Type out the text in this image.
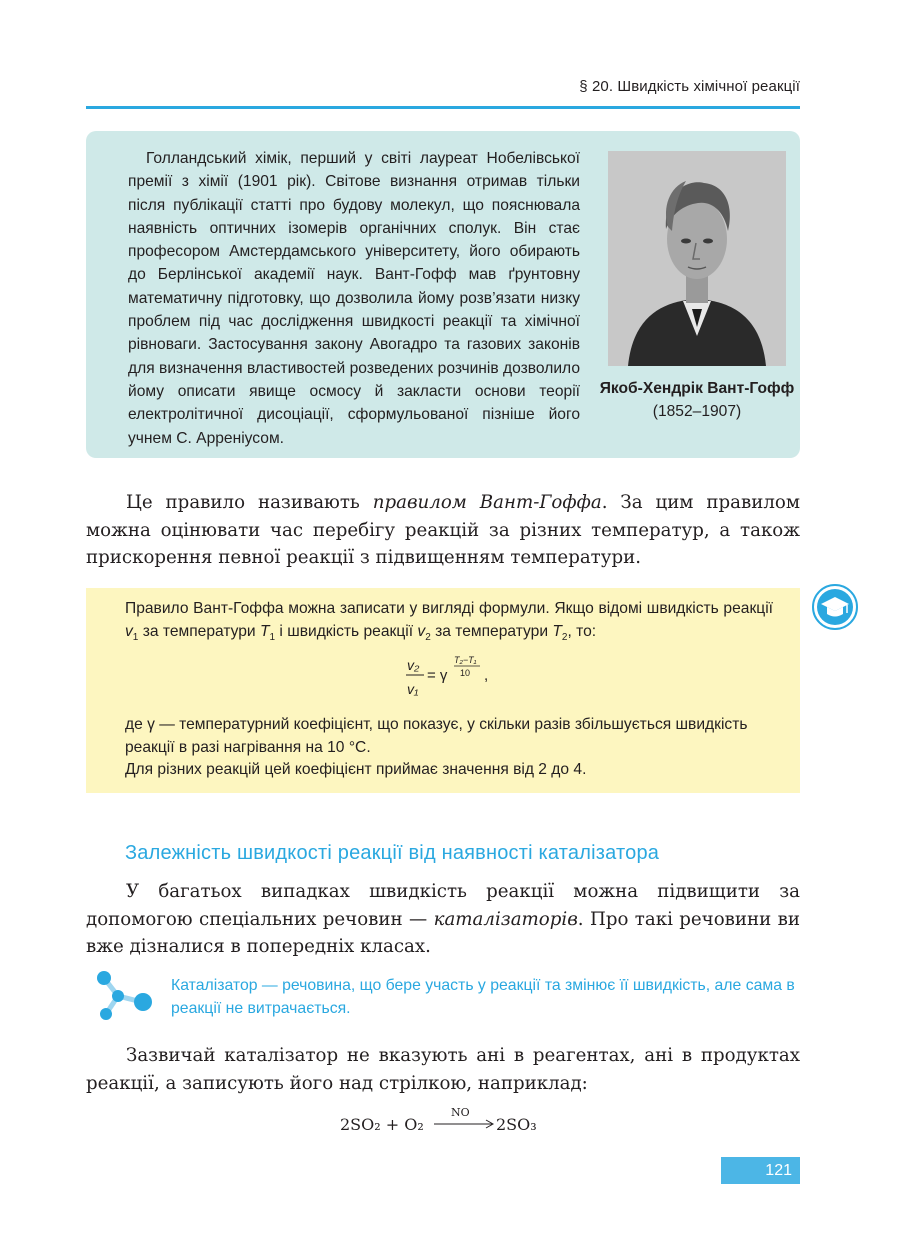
§ 20. Швидкість хімічної реакції

Голландський хімік, перший у світі лауреат Нобелівської премії з хімії (1901 рік). Світове визнання отримав тільки після публікації статті про будову молекул, що пояснювала наявність оптичних ізомерів органічних сполук. Він стає професором Амстердамського університету, його обирають до Берлінської академії наук. Вант-Гофф мав ґрунтовну математичну підготовку, що дозволила йому розв’язати низку проблем під час дослідження швидкості реакції та хімічної рівноваги. Застосування закону Авогадро та газових законів для визначення властивостей розведених розчинів дозволило йому описати явище осмосу й закласти основи теорії електролітичної дисоціації, сформульованої пізніше його учнем С. Арреніусом.

Якоб-Хендрік Вант-Гофф (1852–1907)

Це правило називають правилом Вант-Гоффа. За цим правилом можна оцінювати час перебігу реакцій за різних температур, а також прискорення певної реакції з підвищенням температури.

Правило Вант-Гоффа можна записати у вигляді формули. Якщо відомі швидкість реакції $v_1$ за температури $T_1$ і швидкість реакції $v_2$ за температури $T_2$, то:

v₂
v₁
= γ
T₂−T₁
10 ,

де γ — температурний коефіцієнт, що показує, у скільки разів збільшується швидкість реакції в разі нагрівання на 10 °С.

Для різних реакцій цей коефіцієнт приймає значення від 2 до 4.

Залежність швидкості реакції від наявності каталізатора

У багатьох випадках швидкість реакції можна підвищити за допомогою спеціальних речовин — каталізаторів. Про такі речовини ви вже дізналися в попередніх класах.

Каталізатор — речовина, що бере участь у реакції та змінює її швидкість, але сама в реакції не витрачається.

Зазвичай каталізатор не вказують ані в реагентах, ані в продуктах реакції, а записують його над стрілкою, наприклад:

2SO₂ + O₂
NO
2SO₃
121
